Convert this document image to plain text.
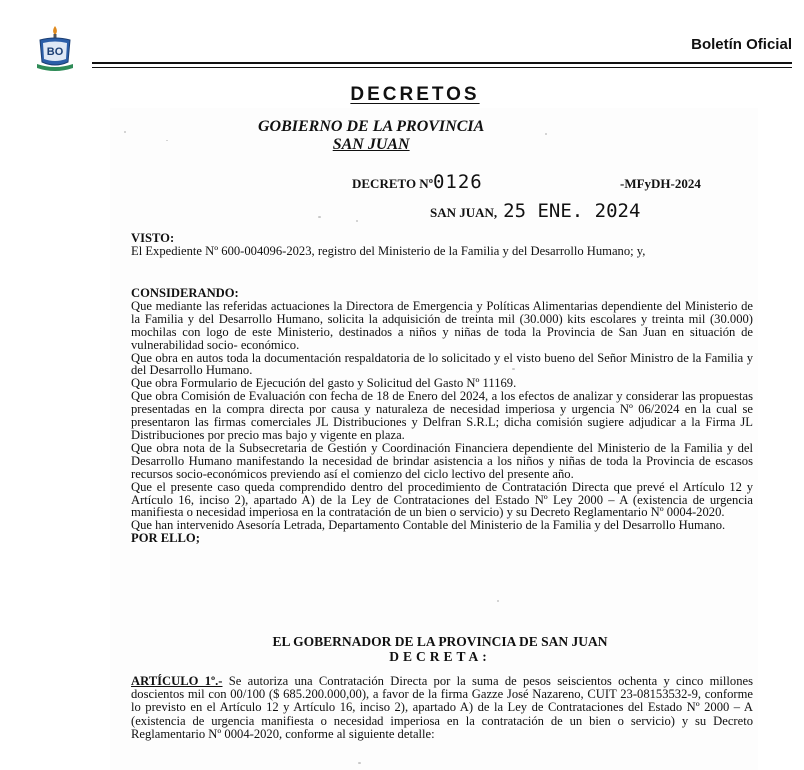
BO	Boletín Oficial
DECRETOS
GOBIERNO DE LA PROVINCIA
SAN JUAN
DECRETO Nº0126	-MFyDH-2024
SAN JUAN, 25 ENE. 2024

VISTO:

El Expediente Nº 600-004096-2023, registro del Ministerio de la Familia y del Desarrollo Humano; y,

CONSIDERANDO:

Que mediante las referidas actuaciones la Directora de Emergencia y Políticas Alimentarias dependiente del Ministerio de la Familia y del Desarrollo Humano, solicita la adquisición de treinta mil (30.000) kits escolares y treinta mil (30.000) mochilas con logo de este Ministerio, destinados a niños y niñas de toda la Provincia de San Juan en situación de vulnerabilidad socio- económico.

Que obra en autos toda la documentación respaldatoria de lo solicitado y el visto bueno del Señor Ministro de la Familia y del Desarrollo Humano.

Que obra Formulario de Ejecución del gasto y Solicitud del Gasto Nº 11169.

Que obra Comisión de Evaluación con fecha de 18 de Enero del 2024, a los efectos de analizar y considerar las propuestas presentadas en la compra directa por causa y naturaleza de necesidad imperiosa y urgencia Nº 06/2024 en la cual se presentaron las firmas comerciales JL Distribuciones y Delfran S.R.L; dicha comisión sugiere adjudicar a la Firma JL Distribuciones por precio mas bajo y vigente en plaza.

Que obra nota de la Subsecretaria de Gestión y Coordinación Financiera dependiente del Ministerio de la Familia y del Desarrollo Humano manifestando la necesidad de brindar asistencia a los niños y niñas de toda la Provincia de escasos recursos socio-económicos previendo así el comienzo del ciclo lectivo del presente año.

Que el presente caso queda comprendido dentro del procedimiento de Contratación Directa que prevé el Artículo 12 y Artículo 16, inciso 2), apartado A) de la Ley de Contrataciones del Estado Nº Ley 2000 – A (existencia de urgencia manifiesta o necesidad imperiosa en la contratación de un bien o servicio) y su Decreto Reglamentario Nº 0004-2020.

Que han intervenido Asesoría Letrada, Departamento Contable del Ministerio de la Familia y del Desarrollo Humano.

POR ELLO;

EL GOBERNADOR DE LA PROVINCIA DE SAN JUAN
DECRETA:

ARTÍCULO 1º.- Se autoriza una Contratación Directa por la suma de pesos seiscientos ochenta y cinco millones doscientos mil con 00/100 ($ 685.200.000,00), a favor de la firma Gazze José Nazareno, CUIT 23-08153532-9, conforme lo previsto en el Artículo 12 y Artículo 16, inciso 2), apartado A) de la Ley de Contrataciones del Estado Nº 2000 – A (existencia de urgencia manifiesta o necesidad imperiosa en la contratación de un bien o servicio) y su Decreto Reglamentario Nº 0004-2020, conforme al siguiente detalle:
